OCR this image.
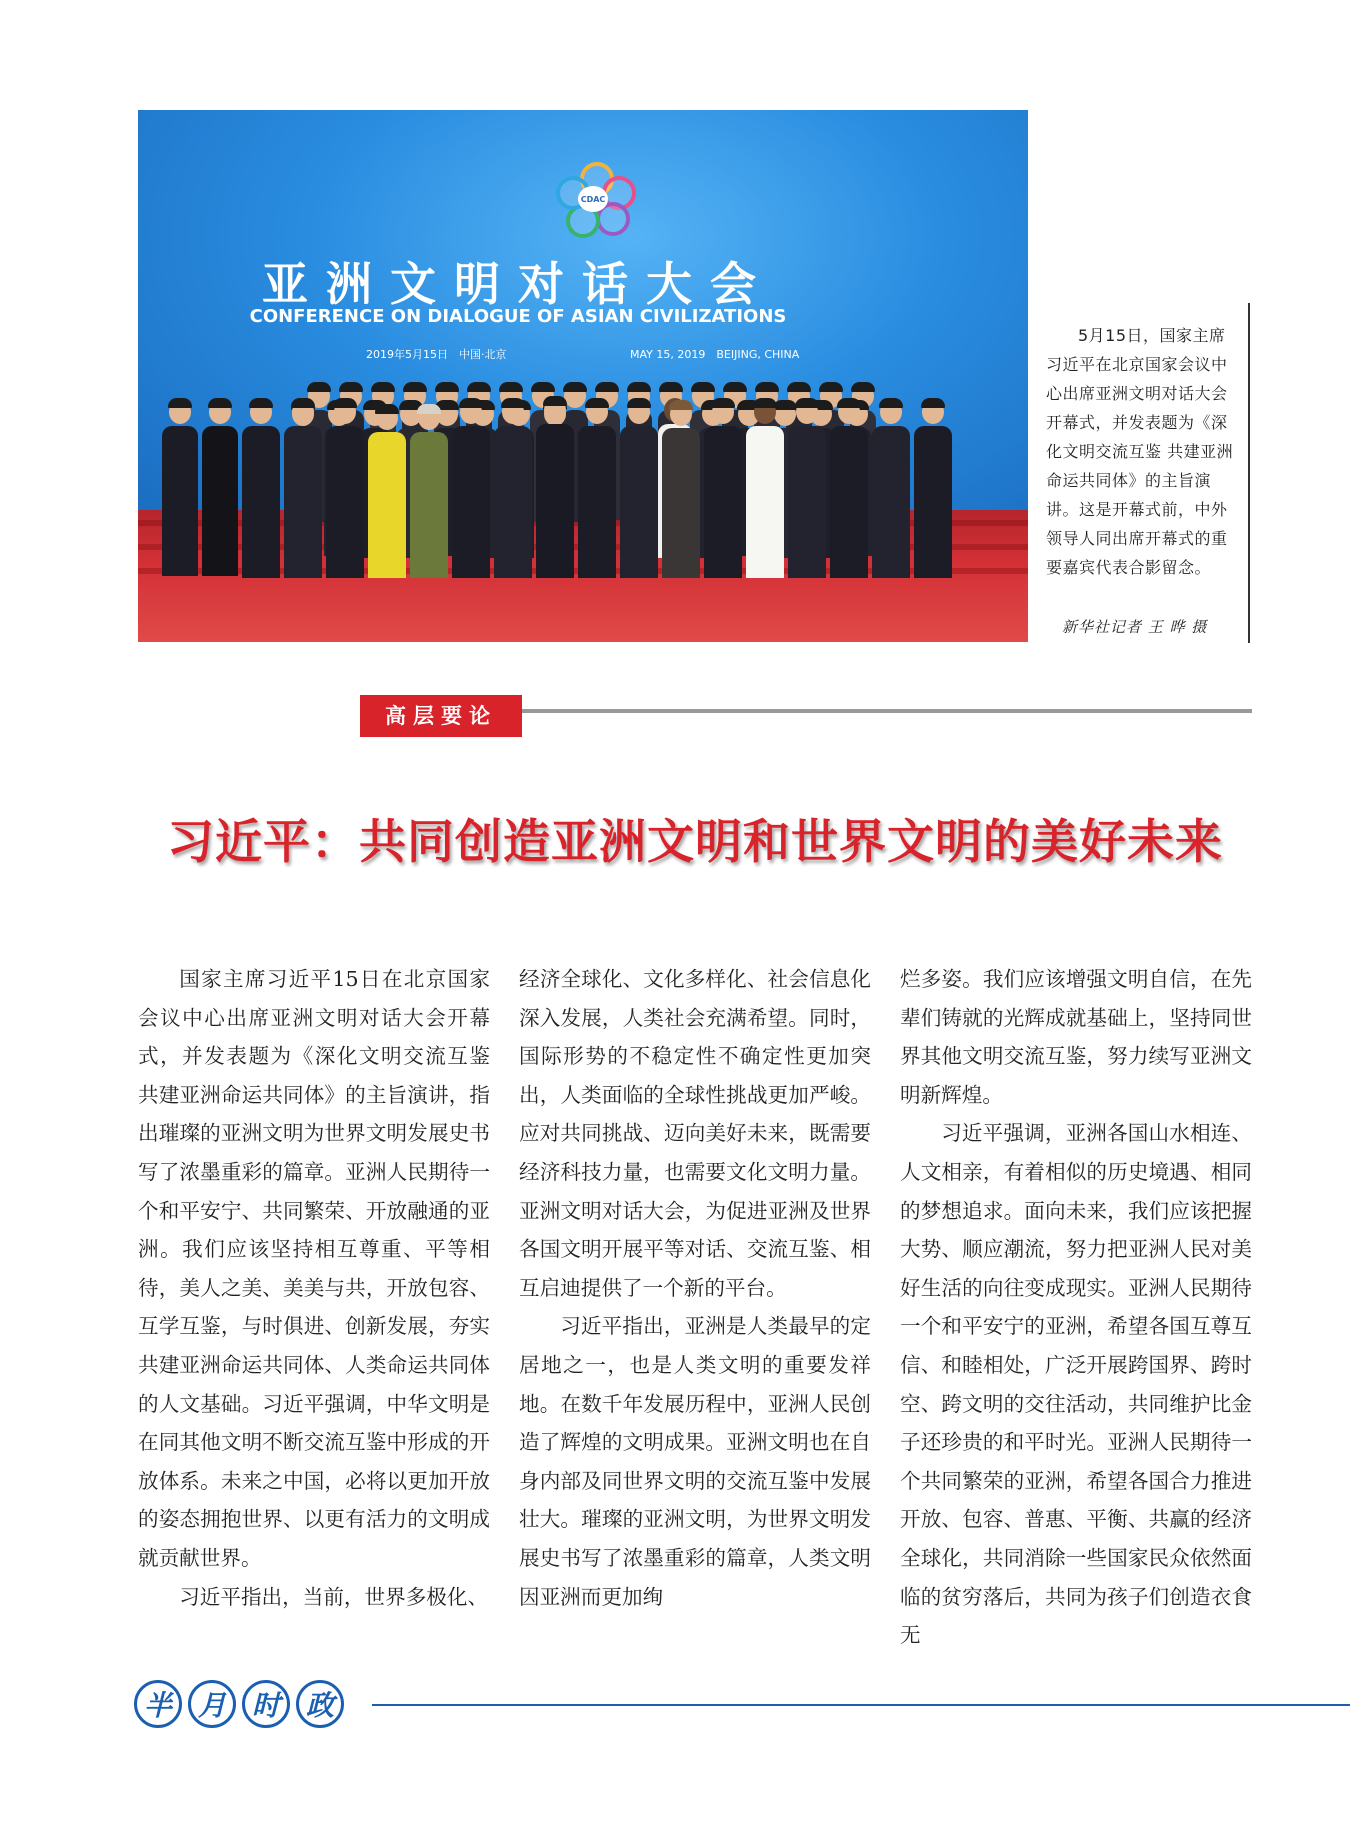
CDAC
亚洲文明对话大会
CONFERENCE ON DIALOGUE OF ASIAN CIVILIZATIONS
2019年5月15日　中国·北京	MAY 15, 2019　BEIJING, CHINA
5月15日，国家主席习近平在北京国家会议中心出席亚洲文明对话大会开幕式，并发表题为《深化文明交流互鉴 共建亚洲命运共同体》的主旨演讲。这是开幕式前，中外领导人同出席开幕式的重要嘉宾代表合影留念。
新华社记者 王 晔 摄
高层要论
习近平：共同创造亚洲文明和世界文明的美好未来

国家主席习近平15日在北京国家会议中心出席亚洲文明对话大会开幕式，并发表题为《深化文明交流互鉴　共建亚洲命运共同体》的主旨演讲，指出璀璨的亚洲文明为世界文明发展史书写了浓墨重彩的篇章。亚洲人民期待一个和平安宁、共同繁荣、开放融通的亚洲。我们应该坚持相互尊重、平等相待，美人之美、美美与共，开放包容、互学互鉴，与时俱进、创新发展，夯实共建亚洲命运共同体、人类命运共同体的人文基础。习近平强调，中华文明是在同其他文明不断交流互鉴中形成的开放体系。未来之中国，必将以更加开放的姿态拥抱世界、以更有活力的文明成就贡献世界。

习近平指出，当前，世界多极化、

经济全球化、文化多样化、社会信息化深入发展，人类社会充满希望。同时，国际形势的不稳定性不确定性更加突出，人类面临的全球性挑战更加严峻。应对共同挑战、迈向美好未来，既需要经济科技力量，也需要文化文明力量。亚洲文明对话大会，为促进亚洲及世界各国文明开展平等对话、交流互鉴、相互启迪提供了一个新的平台。

习近平指出，亚洲是人类最早的定居地之一，也是人类文明的重要发祥地。在数千年发展历程中，亚洲人民创造了辉煌的文明成果。亚洲文明也在自身内部及同世界文明的交流互鉴中发展壮大。璀璨的亚洲文明，为世界文明发展史书写了浓墨重彩的篇章，人类文明因亚洲而更加绚

烂多姿。我们应该增强文明自信，在先辈们铸就的光辉成就基础上，坚持同世界其他文明交流互鉴，努力续写亚洲文明新辉煌。

习近平强调，亚洲各国山水相连、人文相亲，有着相似的历史境遇、相同的梦想追求。面向未来，我们应该把握大势、顺应潮流，努力把亚洲人民对美好生活的向往变成现实。亚洲人民期待一个和平安宁的亚洲，希望各国互尊互信、和睦相处，广泛开展跨国界、跨时空、跨文明的交往活动，共同维护比金子还珍贵的和平时光。亚洲人民期待一个共同繁荣的亚洲，希望各国合力推进开放、包容、普惠、平衡、共赢的经济全球化，共同消除一些国家民众依然面临的贫穷落后，共同为孩子们创造衣食无

半 月 时 政
